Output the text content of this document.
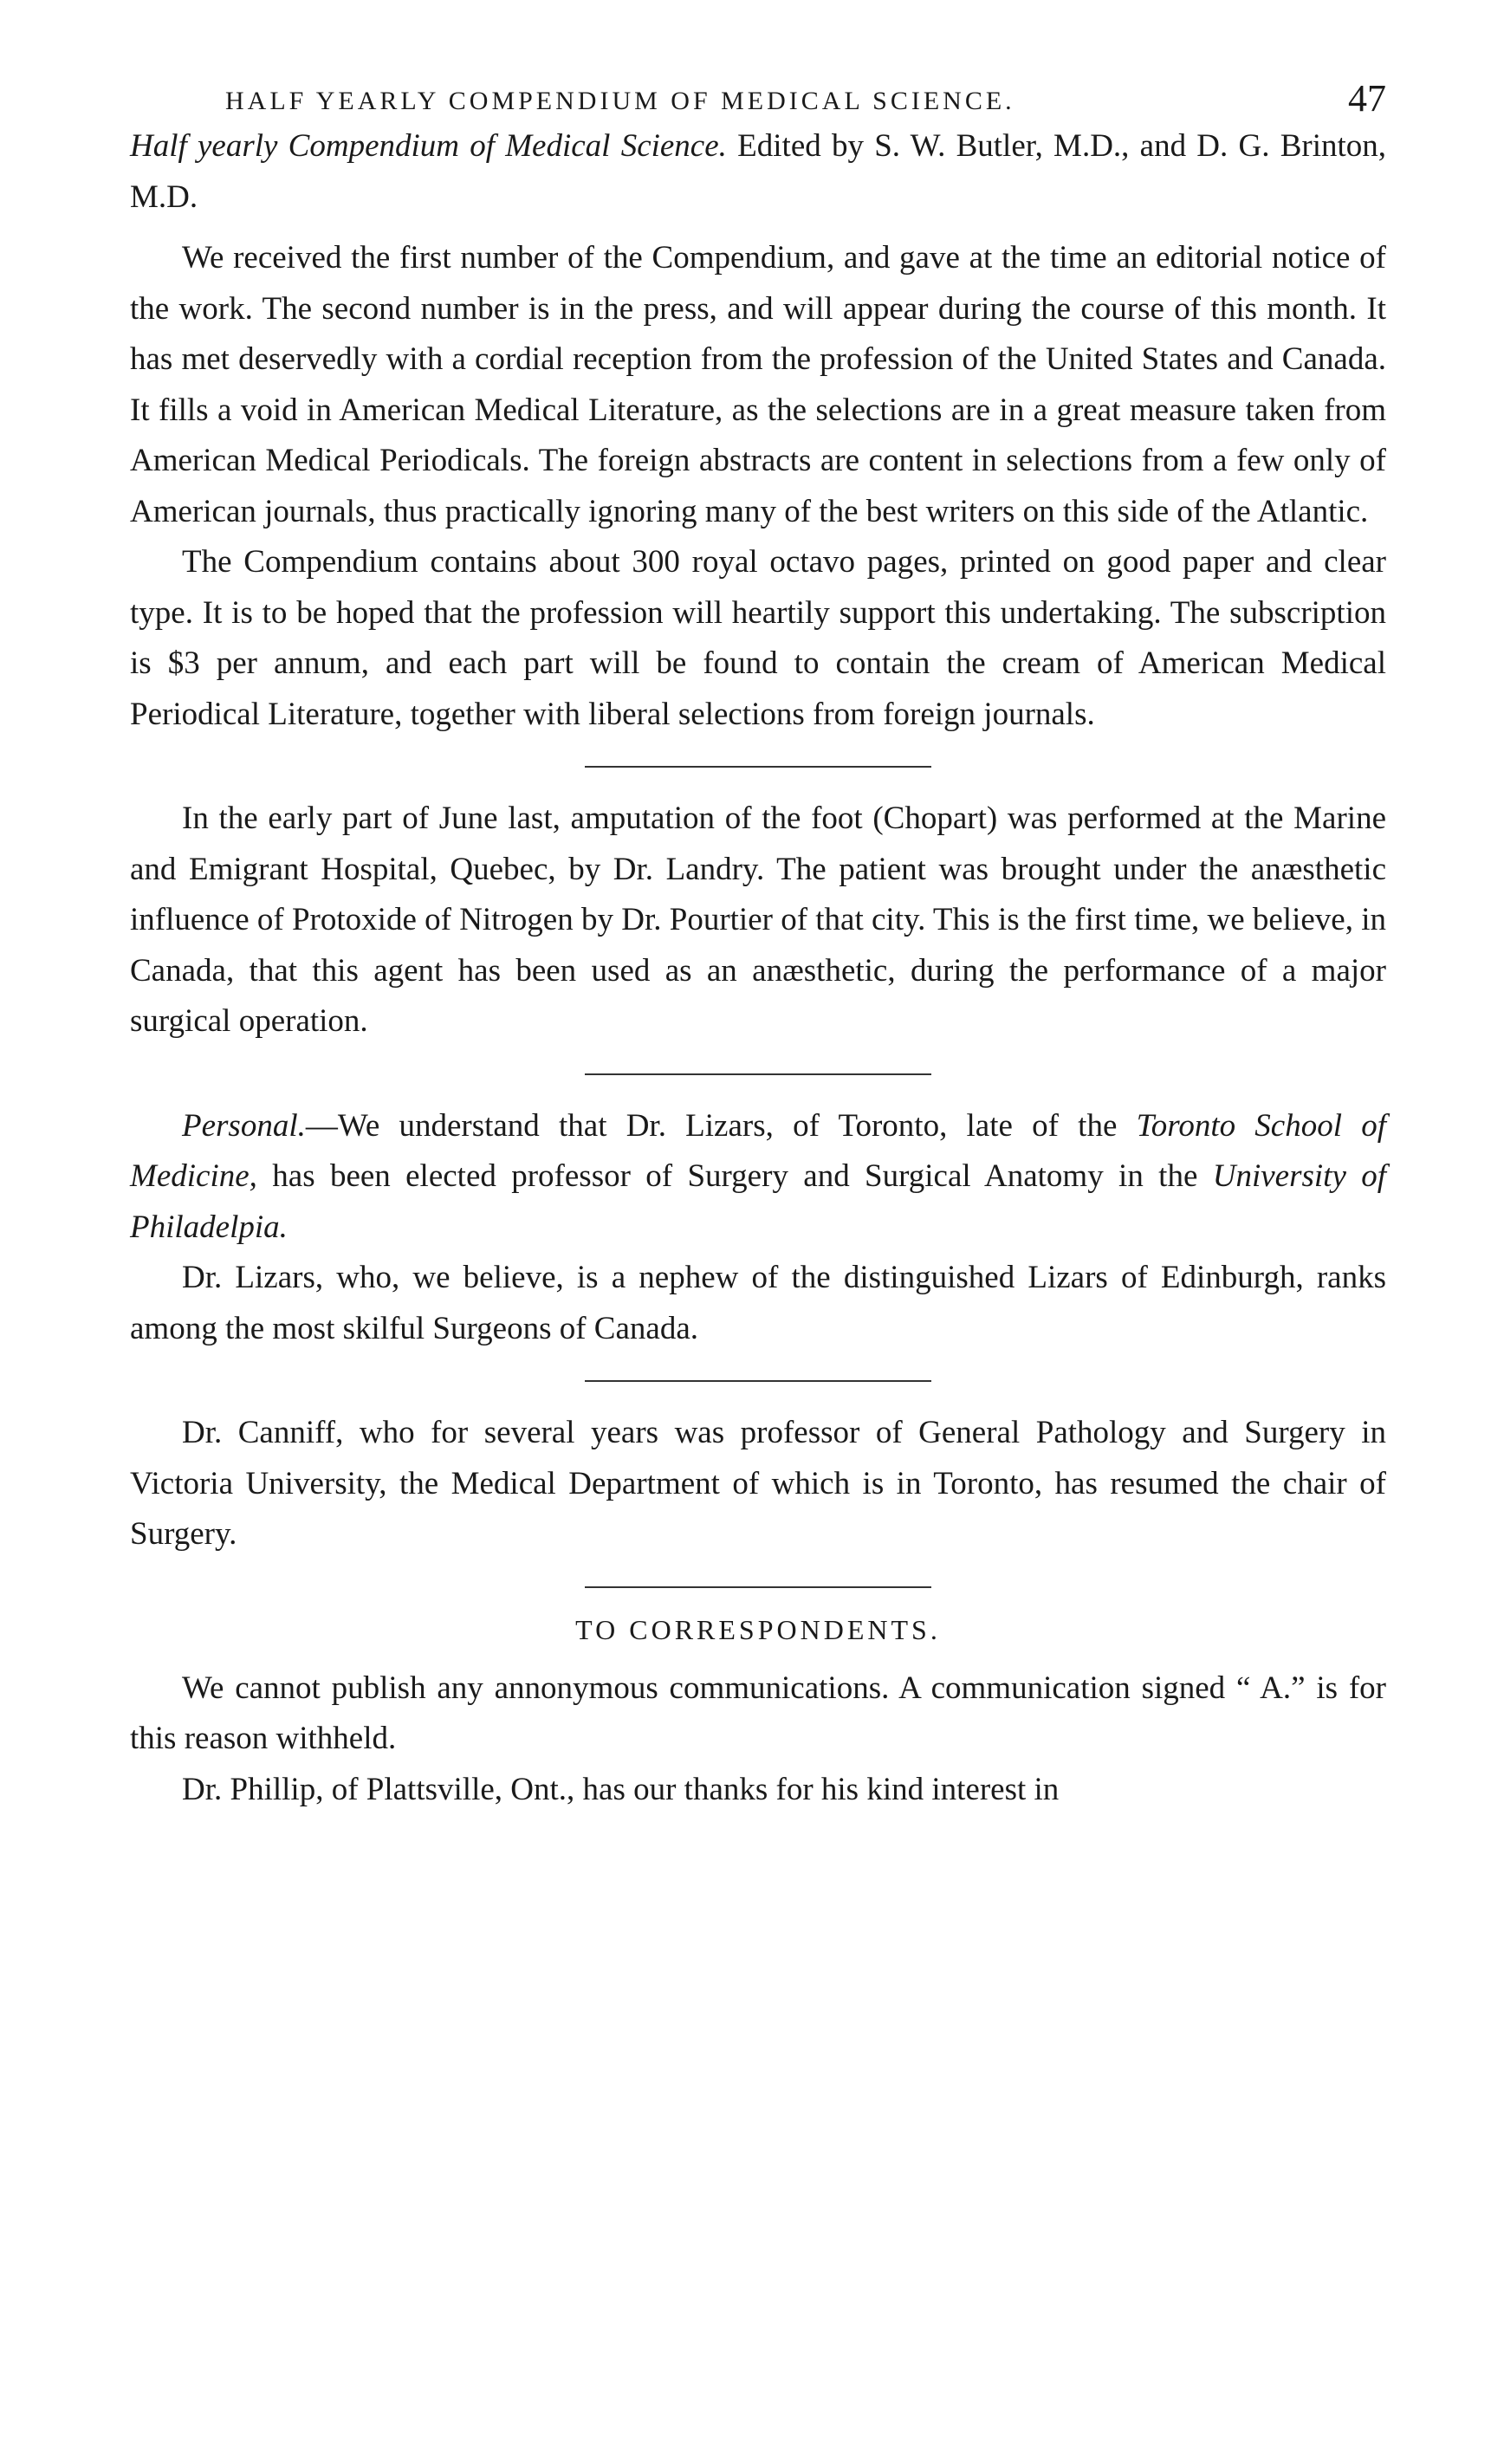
HALF YEARLY COMPENDIUM OF MEDICAL SCIENCE.	47

Half yearly Compendium of Medical Science. Edited by S. W. Butler, M.D., and D. G. Brinton, M.D.

We received the first number of the Compendium, and gave at the time an editorial notice of the work. The second number is in the press, and will appear during the course of this month. It has met deservedly with a cordial reception from the profession of the United States and Canada. It fills a void in American Medical Literature, as the selections are in a great measure taken from American Medical Periodicals. The foreign abstracts are content in selections from a few only of American journals, thus practically ignoring many of the best writers on this side of the Atlantic.

The Compendium contains about 300 royal octavo pages, printed on good paper and clear type. It is to be hoped that the profession will heartily support this undertaking. The subscription is $3 per annum, and each part will be found to contain the cream of American Medical Periodical Literature, together with liberal selections from foreign journals.

In the early part of June last, amputation of the foot (Chopart) was performed at the Marine and Emigrant Hospital, Quebec, by Dr. Landry. The patient was brought under the anæsthetic influence of Protoxide of Nitrogen by Dr. Pourtier of that city. This is the first time, we believe, in Canada, that this agent has been used as an anæsthetic, during the performance of a major surgical operation.

Personal.—We understand that Dr. Lizars, of Toronto, late of the Toronto School of Medicine, has been elected professor of Surgery and Surgical Anatomy in the University of Philadelpia.

Dr. Lizars, who, we believe, is a nephew of the distinguished Lizars of Edinburgh, ranks among the most skilful Surgeons of Canada.

Dr. Canniff, who for several years was professor of General Pathology and Surgery in Victoria University, the Medical Department of which is in Toronto, has resumed the chair of Surgery.

TO CORRESPONDENTS.

We cannot publish any annonymous communications. A communication signed “ A.” is for this reason withheld.

Dr. Phillip, of Plattsville, Ont., has our thanks for his kind interest in
